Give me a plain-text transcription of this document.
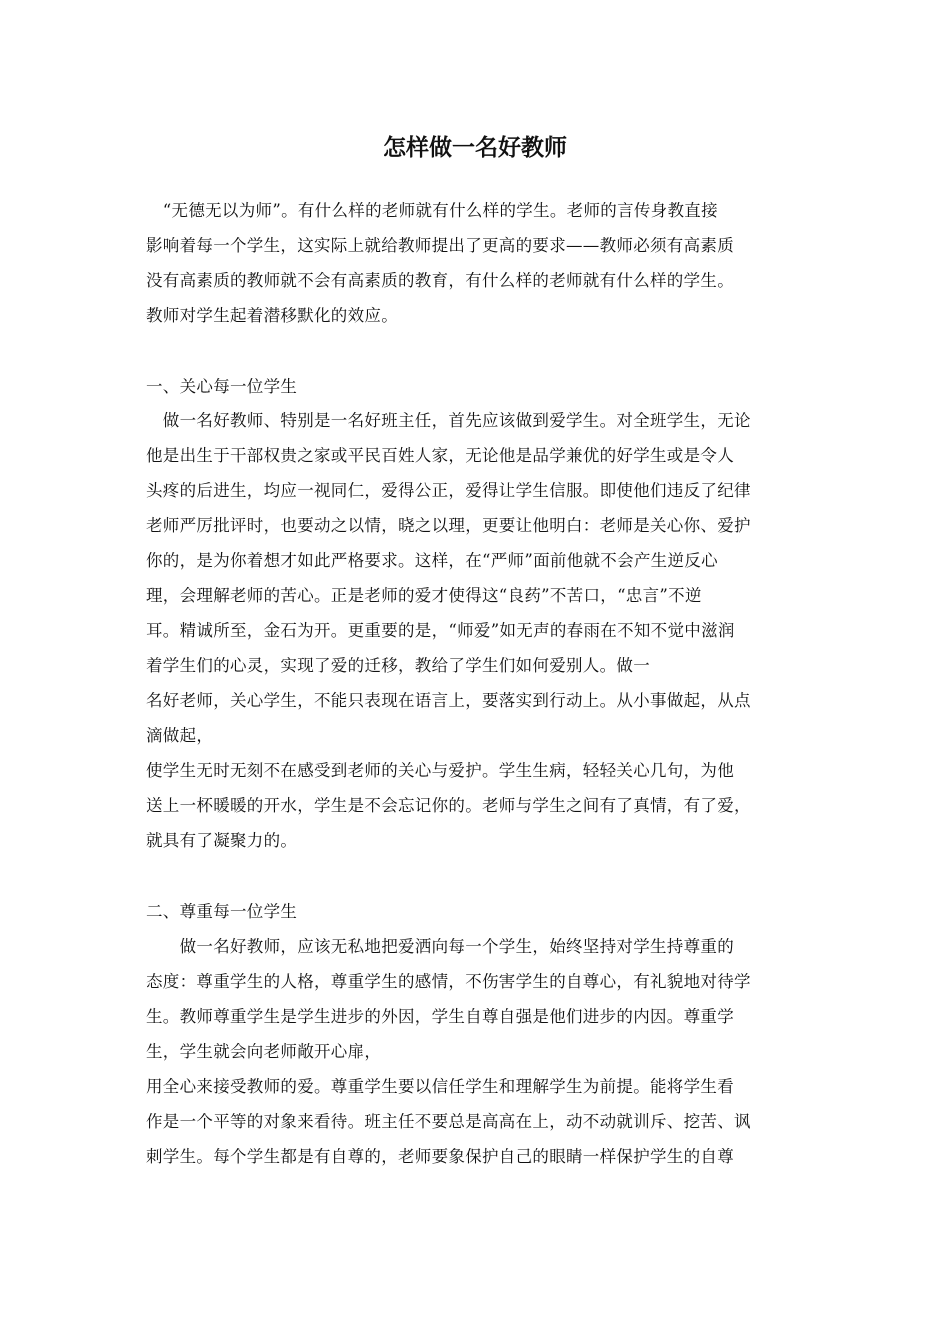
怎样做一名好教师
　“无德无以为师”。有什么样的老师就有什么样的学生。老师的言传身教直接
影响着每一个学生，这实际上就给教师提出了更高的要求——教师必须有高素质
没有高素质的教师就不会有高素质的教育，有什么样的老师就有什么样的学生。
教师对学生起着潜移默化的效应。
一、关心每一位学生
　做一名好教师、特别是一名好班主任，首先应该做到爱学生。对全班学生，无论
他是出生于干部权贵之家或平民百姓人家，无论他是品学兼优的好学生或是令人
头疼的后进生，均应一视同仁，爱得公正，爱得让学生信服。即使他们违反了纪律
老师严厉批评时，也要动之以情，晓之以理，更要让他明白：老师是关心你、爱护
你的，是为你着想才如此严格要求。这样，在“严师”面前他就不会产生逆反心
理，会理解老师的苦心。正是老师的爱才使得这“良药”不苦口，“忠言”不逆
耳。精诚所至，金石为开。更重要的是，“师爱”如无声的春雨在不知不觉中滋润
着学生们的心灵，实现了爱的迁移，教给了学生们如何爱别人。做一
名好老师，关心学生，不能只表现在语言上，要落实到行动上。从小事做起，从点
滴做起，
使学生无时无刻不在感受到老师的关心与爱护。学生生病，轻轻关心几句，为他
送上一杯暖暖的开水，学生是不会忘记你的。老师与学生之间有了真情，有了爱，
就具有了凝聚力的。
二、尊重每一位学生
　　做一名好教师，应该无私地把爱洒向每一个学生，始终坚持对学生持尊重的
态度：尊重学生的人格，尊重学生的感情，不伤害学生的自尊心，有礼貌地对待学
生。教师尊重学生是学生进步的外因，学生自尊自强是他们进步的内因。尊重学
生，学生就会向老师敞开心扉，
用全心来接受教师的爱。尊重学生要以信任学生和理解学生为前提。能将学生看
作是一个平等的对象来看待。班主任不要总是高高在上，动不动就训斥、挖苦、讽
刺学生。每个学生都是有自尊的，老师要象保护自己的眼睛一样保护学生的自尊
